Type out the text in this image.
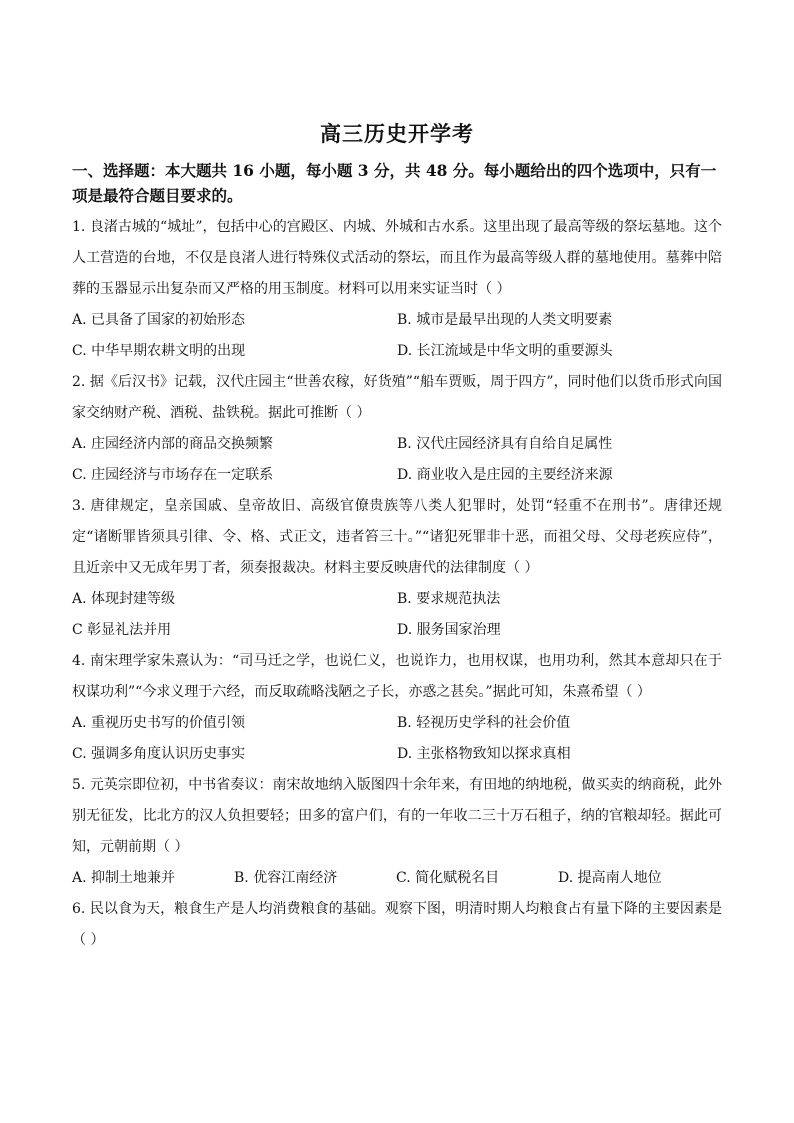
高三历史开学考

一、选择题：本大题共 16 小题，每小题 3 分，共 48 分。每小题给出的四个选项中，只有一项是最符合题目要求的。

1. 良渚古城的“城址”，包括中心的宫殿区、内城、外城和古水系。这里出现了最高等级的祭坛墓地。这个人工营造的台地，不仅是良渚人进行特殊仪式活动的祭坛，而且作为最高等级人群的墓地使用。墓葬中陪葬的玉器显示出复杂而又严格的用玉制度。材料可以用来实证当时（ ）

A. 已具备了国家的初始形态	B. 城市是最早出现的人类文明要素
C. 中华早期农耕文明的出现	D. 长江流域是中华文明的重要源头

2. 据《后汉书》记载，汉代庄园主“世善农稼，好货殖”“船车贾贩，周于四方”，同时他们以货币形式向国家交纳财产税、酒税、盐铁税。据此可推断（ ）

A. 庄园经济内部的商品交换频繁	B. 汉代庄园经济具有自给自足属性
C. 庄园经济与市场存在一定联系	D. 商业收入是庄园的主要经济来源

3. 唐律规定，皇亲国戚、皇帝故旧、高级官僚贵族等八类人犯罪时，处罚“轻重不在刑书”。唐律还规定“诸断罪皆须具引律、令、格、式正文，违者笞三十。”“诸犯死罪非十恶，而祖父母、父母老疾应侍”，且近亲中又无成年男丁者，须奏报裁决。材料主要反映唐代的法律制度（ ）

A. 体现封建等级	B. 要求规范执法
C 彰显礼法并用	D. 服务国家治理

4. 南宋理学家朱熹认为：“司马迁之学，也说仁义，也说诈力，也用权谋，也用功利，然其本意却只在于权谋功利”“今求义理于六经，而反取疏略浅陋之子长，亦惑之甚矣。”据此可知，朱熹希望（ ）

A. 重视历史书写的价值引领	B. 轻视历史学科的社会价值
C. 强调多角度认识历史事实	D. 主张格物致知以探求真相

5. 元英宗即位初，中书省奏议：南宋故地纳入版图四十余年来，有田地的纳地税，做买卖的纳商税，此外别无征发，比北方的汉人负担要轻；田多的富户们，有的一年收二三十万石租子，纳的官粮却轻。据此可知，元朝前期（ ）

A. 抑制土地兼并	B. 优容江南经济	C. 简化赋税名目	D. 提高南人地位

6. 民以食为天，粮食生产是人均消费粮食的基础。观察下图，明清时期人均粮食占有量下降的主要因素是（ ）
